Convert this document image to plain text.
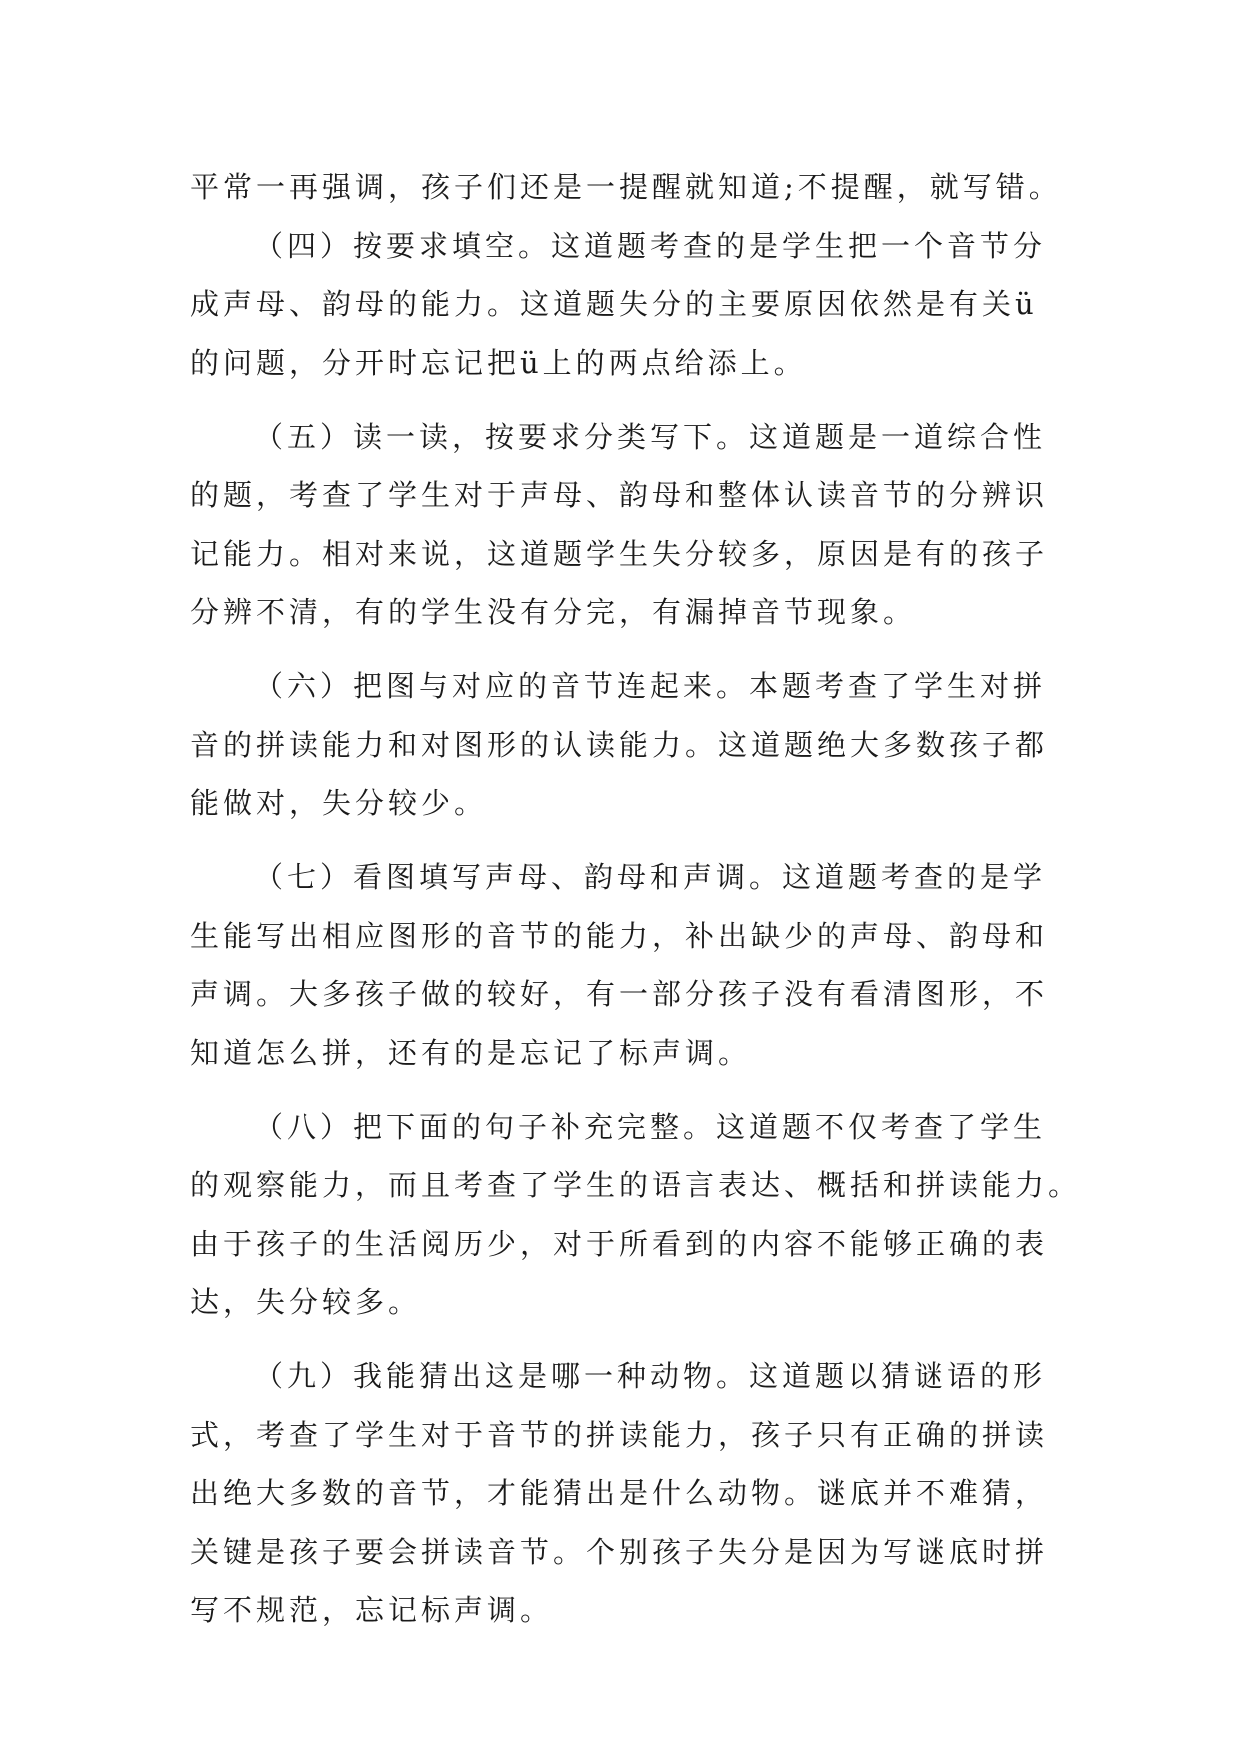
平常一再强调，孩子们还是一提醒就知道;不提醒，就写错。
（四）按要求填空。这道题考查的是学生把一个音节分
成声母、韵母的能力。这道题失分的主要原因依然是有关ü
的问题，分开时忘记把ü上的两点给添上。
（五）读一读，按要求分类写下。这道题是一道综合性
的题，考查了学生对于声母、韵母和整体认读音节的分辨识
记能力。相对来说，这道题学生失分较多，原因是有的孩子
分辨不清，有的学生没有分完，有漏掉音节现象。
（六）把图与对应的音节连起来。本题考查了学生对拼
音的拼读能力和对图形的认读能力。这道题绝大多数孩子都
能做对，失分较少。
（七）看图填写声母、韵母和声调。这道题考查的是学
生能写出相应图形的音节的能力，补出缺少的声母、韵母和
声调。大多孩子做的较好，有一部分孩子没有看清图形，不
知道怎么拼，还有的是忘记了标声调。
（八）把下面的句子补充完整。这道题不仅考查了学生
的观察能力，而且考查了学生的语言表达、概括和拼读能力。
由于孩子的生活阅历少，对于所看到的内容不能够正确的表
达，失分较多。
（九）我能猜出这是哪一种动物。这道题以猜谜语的形
式，考查了学生对于音节的拼读能力，孩子只有正确的拼读
出绝大多数的音节，才能猜出是什么动物。谜底并不难猜，
关键是孩子要会拼读音节。个别孩子失分是因为写谜底时拼
写不规范，忘记标声调。
